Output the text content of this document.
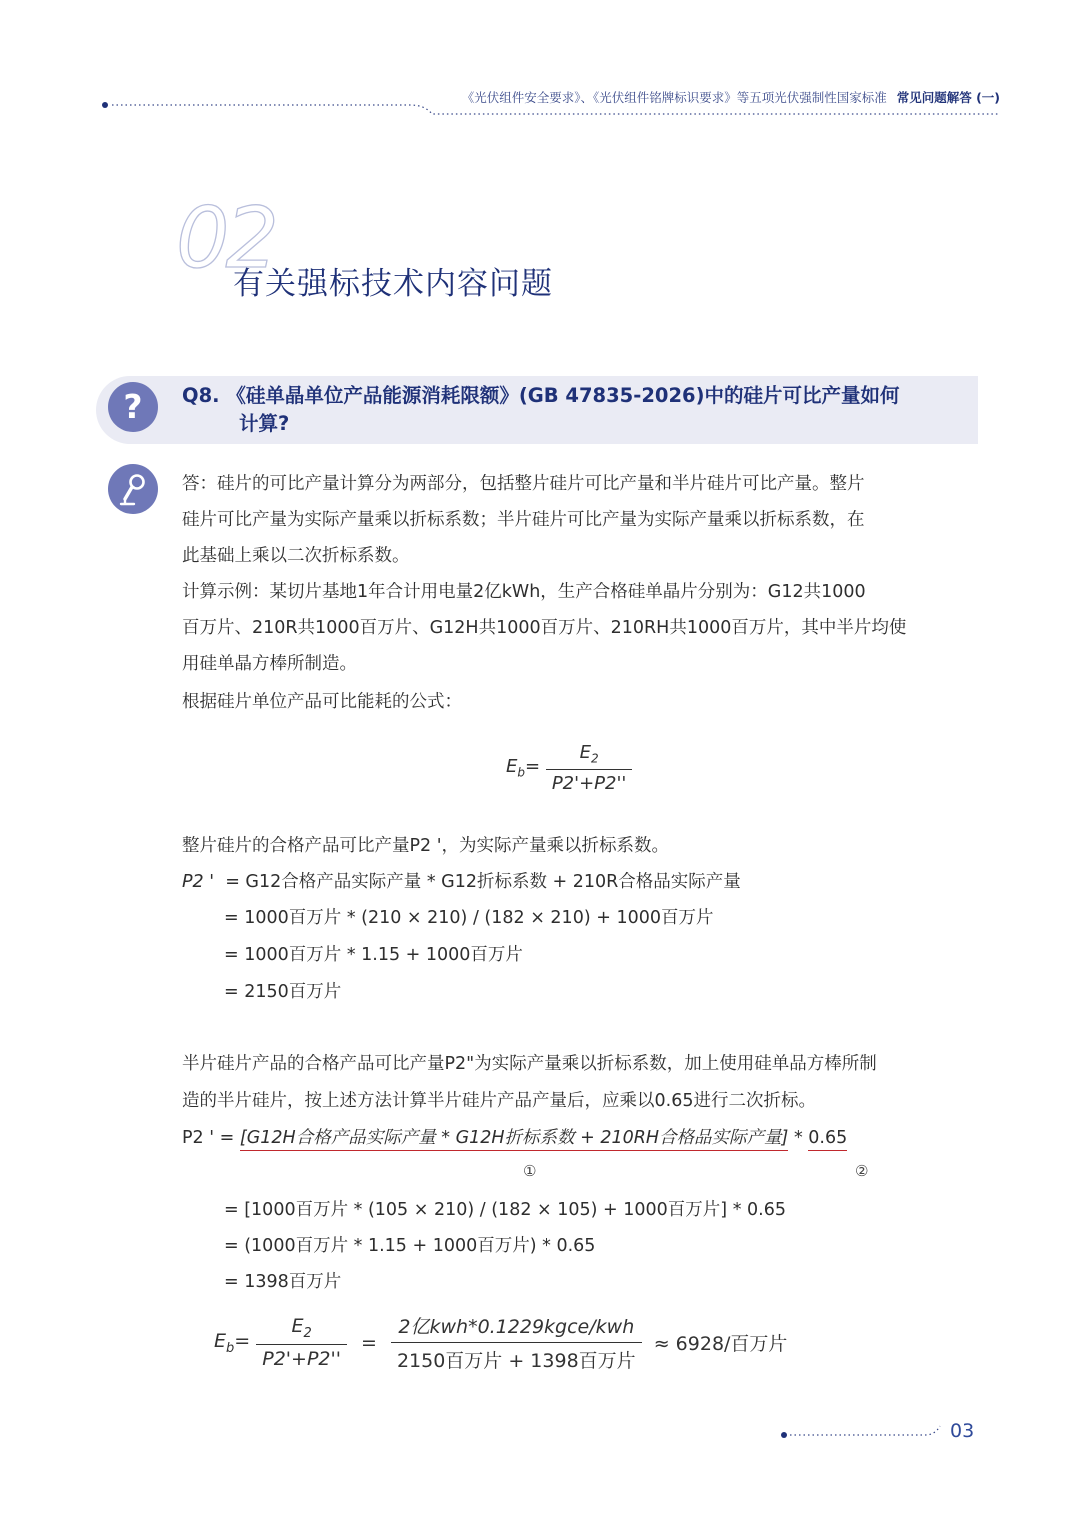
《光伏组件安全要求》、《光伏组件铭牌标识要求》等五项光伏强制性国家标准 常见问题解答 (一)
02
有关强标技术内容问题
?	Q8. 《硅单晶单位产品能源消耗限额》(GB 47835-2026)中的硅片可比产量如何
计算?
答：硅片的可比产量计算分为两部分，包括整片硅片可比产量和半片硅片可比产量。整片
硅片可比产量为实际产量乘以折标系数；半片硅片可比产量为实际产量乘以折标系数，在
此基础上乘以二次折标系数。
计算示例：某切片基地1年合计用电量2亿kWh，生产合格硅单晶片分别为：G12共1000
百万片、210R共1000百万片、G12H共1000百万片、210RH共1000百万片，其中半片均使
用硅单晶方棒所制造。
根据硅片单位产品可比能耗的公式：
$E_b= \frac{E_2}{P2'+P2''}$
整片硅片的合格产品可比产量P2 '，为实际产量乘以折标系数。
P2 ' = G12合格产品实际产量 * G12折标系数 + 210R合格品实际产量
= 1000百万片 * (210 × 210) / (182 × 210) + 1000百万片
= 1000百万片 * 1.15 + 1000百万片
= 2150百万片
半片硅片产品的合格产品可比产量P2"为实际产量乘以折标系数，加上使用硅单品方棒所制
造的半片硅片，按上述方法计算半片硅片产品产量后，应乘以0.65进行二次折标。
P2 ' = [G12H合格产品实际产量 * G12H折标系数 + 210RH合格品实际产量] * 0.65
①	②
= [1000百万片 * (105 × 210) / (182 × 105) + 1000百万片] * 0.65
= (1000百万片 * 1.15 + 1000百万片) * 0.65
= 1398百万片
$E_b= \frac{E_2}{P2'+P2''} = \frac{\text{2亿kwh*0.1229kgce/kwh}}{\text{2150百万片 + 1398百万片}} \approx 6928/$百万片
03
